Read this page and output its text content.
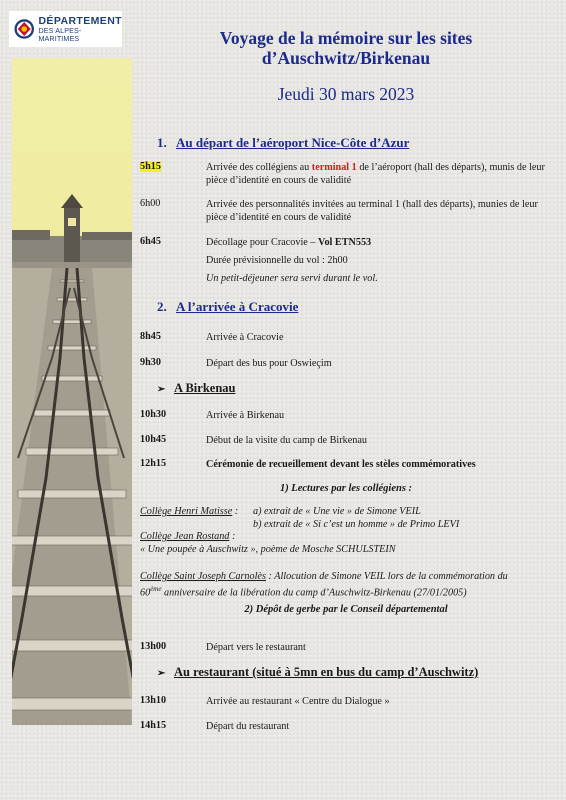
DÉPARTEMENT
DES ALPES-MARITIMES	Voyage de la mémoire sur les sites
d’Auschwitz/Birkenau
Jeudi 30 mars 2023
1. Au départ de l’aéroport Nice-Côte d’Azur
5h15	Arrivée des collégiens au terminal 1 de l’aéroport (hall des départs), munis de leur pièce d’identité en cours de validité
6h00	Arrivée des personnalités invitées au terminal 1 (hall des départs), munies de leur pièce d’identité en cours de validité
6h45	Décollage pour Cracovie – Vol ETN553
Durée prévisionnelle du vol : 2h00
Un petit-déjeuner sera servi durant le vol.
2. A l’arrivée à Cracovie
8h45	Arrivée à Cracovie
9h30	Départ des bus pour Oswieçim
➢ A Birkenau
10h30	Arrivée à Birkenau
10h45	Début de la visite du camp de Birkenau
12h15	Cérémonie de recueillement devant les stèles commémoratives
1) Lectures par les collégiens :
Collège Henri Matisse : a) extrait de « Une vie » de Simone VEIL
b) extrait de « Si c’est un homme » de Primo LEVI
Collège Jean Rostand :
« Une poupée à Auschwitz », poème de Mosche SCHULSTEIN
Collège Saint Joseph Carnolès : Allocution de Simone VEIL lors de la commémoration du
60ème anniversaire de la libération du camp d’Auschwitz-Birkenau (27/01/2005)
2) Dépôt de gerbe par le Conseil départemental
13h00	Départ vers le restaurant
➢ Au restaurant (situé à 5mn en bus du camp d’Auschwitz)
13h10	Arrivée au restaurant « Centre du Dialogue »
14h15	Départ du restaurant
